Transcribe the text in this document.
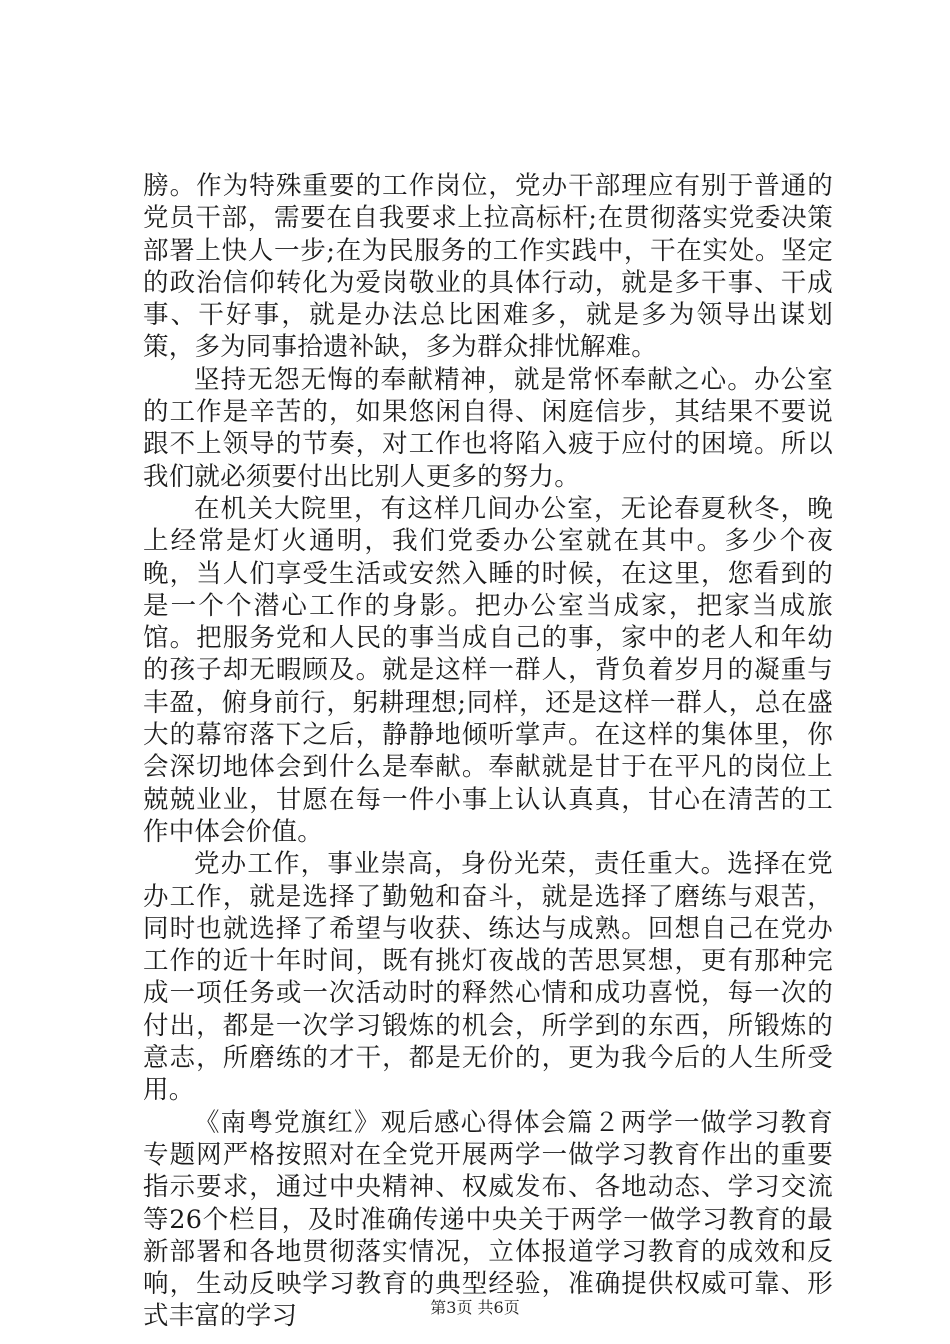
膀。作为特殊重要的工作岗位，党办干部理应有别于普通的党员干部，需要在自我要求上拉高标杆;在贯彻落实党委决策部署上快人一步;在为民服务的工作实践中，干在实处。坚定的政治信仰转化为爱岗敬业的具体行动，就是多干事、干成事、干好事，就是办法总比困难多，就是多为领导出谋划策，多为同事拾遗补缺，多为群众排忧解难。

坚持无怨无悔的奉献精神，就是常怀奉献之心。办公室的工作是辛苦的，如果悠闲自得、闲庭信步，其结果不要说跟不上领导的节奏，对工作也将陷入疲于应付的困境。所以我们就必须要付出比别人更多的努力。

在机关大院里，有这样几间办公室，无论春夏秋冬，晚上经常是灯火通明，我们党委办公室就在其中。多少个夜晚，当人们享受生活或安然入睡的时候，在这里，您看到的是一个个潜心工作的身影。把办公室当成家，把家当成旅馆。把服务党和人民的事当成自己的事，家中的老人和年幼的孩子却无暇顾及。就是这样一群人，背负着岁月的凝重与丰盈，俯身前行，躬耕理想;同样，还是这样一群人，总在盛大的幕帘落下之后，静静地倾听掌声。在这样的集体里，你会深切地体会到什么是奉献。奉献就是甘于在平凡的岗位上兢兢业业，甘愿在每一件小事上认认真真，甘心在清苦的工作中体会价值。

党办工作，事业崇高，身份光荣，责任重大。选择在党办工作，就是选择了勤勉和奋斗，就是选择了磨练与艰苦，同时也就选择了希望与收获、练达与成熟。回想自己在党办工作的近十年时间，既有挑灯夜战的苦思冥想，更有那种完成一项任务或一次活动时的释然心情和成功喜悦，每一次的付出，都是一次学习锻炼的机会，所学到的东西，所锻炼的意志，所磨练的才干，都是无价的，更为我今后的人生所受用。

《南粤党旗红》观后感心得体会篇２两学一做学习教育专题网严格按照对在全党开展两学一做学习教育作出的重要指示要求，通过中央精神、权威发布、各地动态、学习交流等26个栏目，及时准确传递中央关于两学一做学习教育的最新部署和各地贯彻落实情况，立体报道学习教育的成效和反响，生动反映学习教育的典型经验，准确提供权威可靠、形式丰富的学习	第3页 共6页
